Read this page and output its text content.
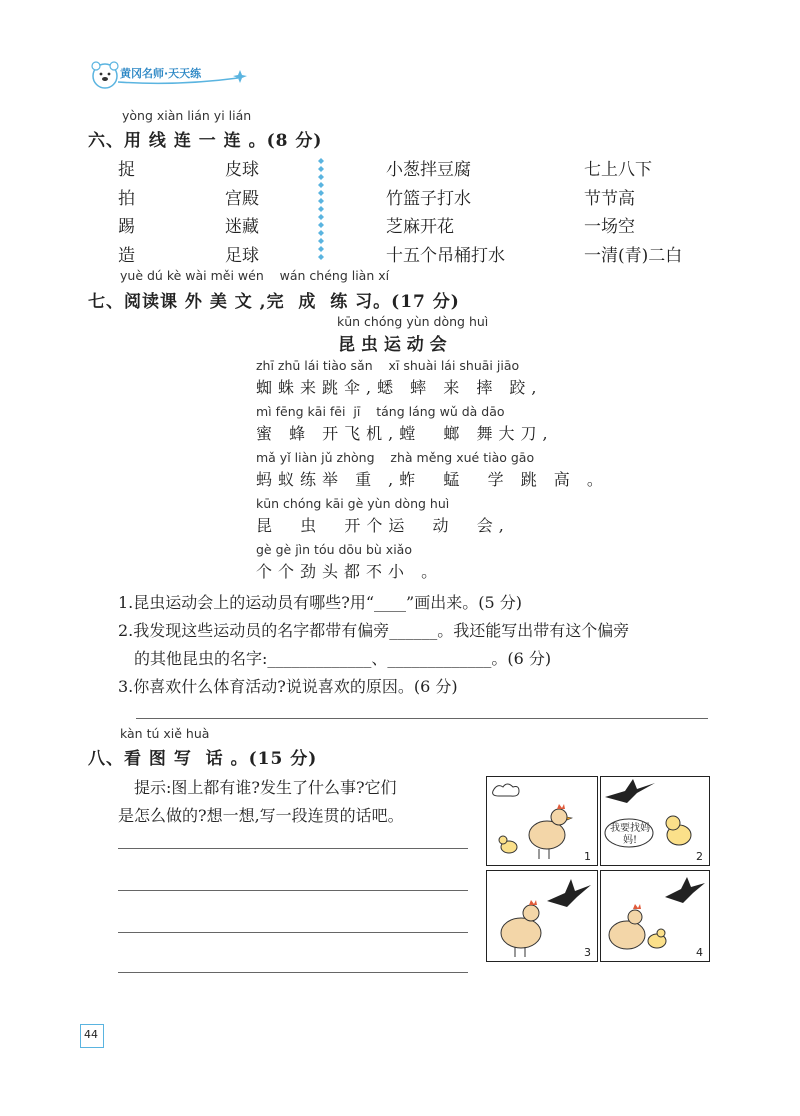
黄冈名师·天天练
yòng xiàn lián yi lián
六、用 线 连 一 连 。(8 分)
捉
拍
踢
造
皮球
宫殿
迷藏
足球
小葱拌豆腐
竹篮子打水
芝麻开花
十五个吊桶打水
七上八下
节节高
一场空
一清(青)二白
yuè dú kè wài měi wén    wán chéng liàn xí
七、阅读课 外 美 文 ,完  成  练 习。(17 分)
kūn chóng yùn dòng huì
昆 虫 运 动 会
zhī zhū lái tiào sǎn    xī shuài lái shuāi jiāo
蜘蛛来跳伞,蟋 蟀 来 摔 跤,
mì fēng kāi fēi  jī    táng láng wǔ dà dāo
蜜 蜂 开飞机,螳  螂 舞大刀,
mǎ yǐ liàn jǔ zhòng    zhà měng xué tiào gāo
蚂蚁练举 重 ,蚱  蜢  学 跳 高 。
kūn chóng kāi gè yùn dòng huì
昆  虫  开个运  动  会,
gè gè jìn tóu dōu bù xiǎo
个个劲头都不小 。
1.昆虫运动会上的运动员有哪些?用“____”画出来。(5 分)
2.我发现这些运动员的名字都带有偏旁______。我还能写出带有这个偏旁
的其他昆虫的名字:_____________、_____________。(6 分)
3.你喜欢什么体育活动?说说喜欢的原因。(6 分)
kàn tú xiě huà
八、看 图 写  话 。(15 分)
提示:图上都有谁?发生了什么事?它们
是怎么做的?想一想,写一段连贯的话吧。
1
我要找妈妈!
2
3	4
44
